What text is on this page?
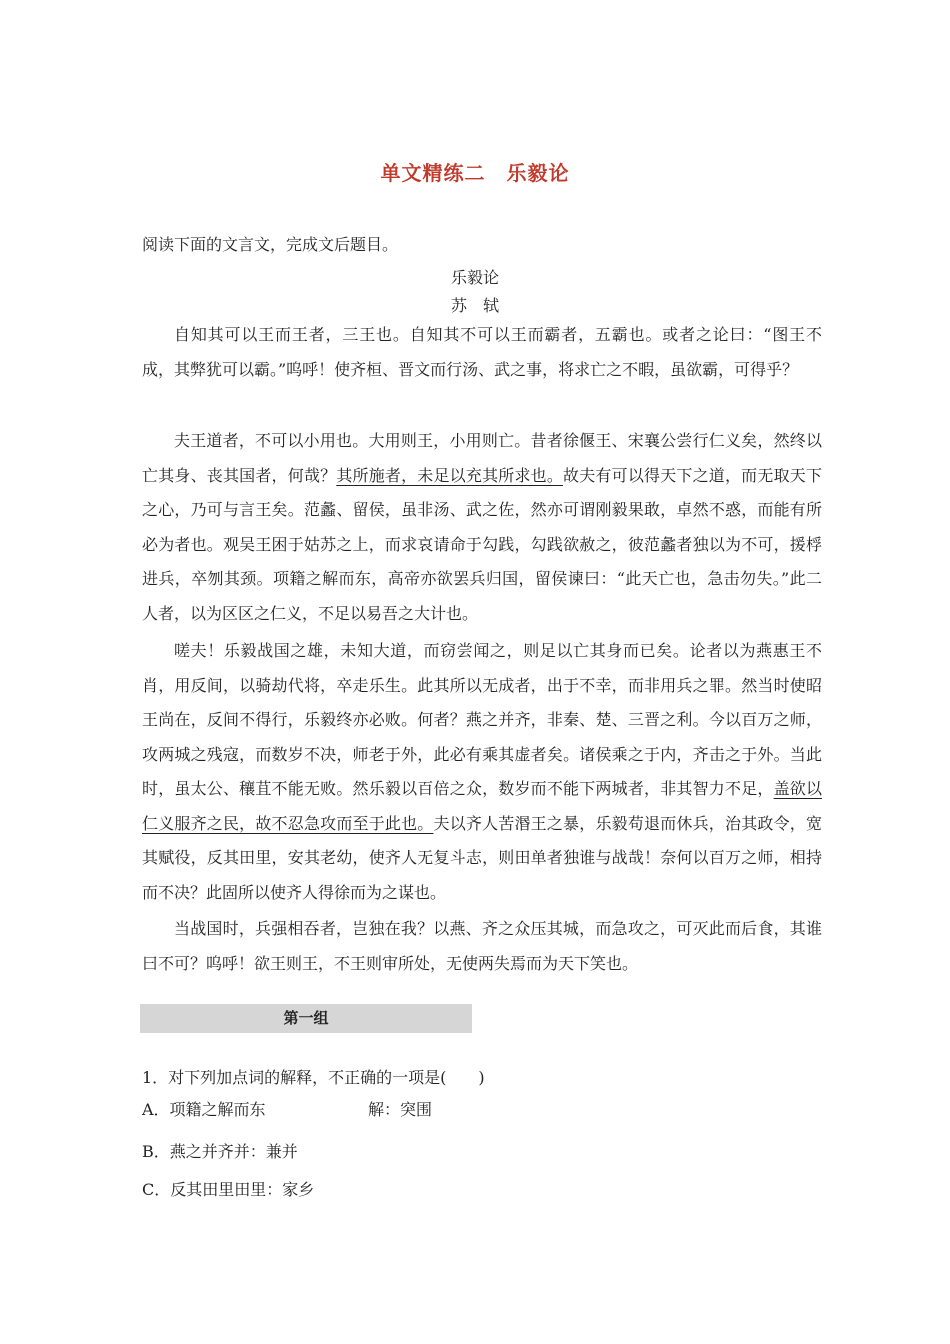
单文精练二　乐毅论
阅读下面的文言文，完成文后题目。
乐毅论
苏　轼
自知其可以王而王者，三王也。自知其不可以王而霸者，五霸也。或者之论曰：“图王不成，其弊犹可以霸。”呜呼！使齐桓、晋文而行汤、武之事，将求亡之不暇，虽欲霸，可得乎？
夫王道者，不可以小用也。大用则王，小用则亡。昔者徐偃王、宋襄公尝行仁义矣，然终以亡其身、丧其国者，何哉？其所施者，未足以充其所求也。故夫有可以得天下之道，而无取天下之心，乃可与言王矣。范蠡、留侯，虽非汤、武之佐，然亦可谓刚毅果敢，卓然不惑，而能有所必为者也。观吴王困于姑苏之上，而求哀请命于勾践，勾践欲赦之，彼范蠡者独以为不可，援桴进兵，卒刎其颈。项籍之解而东，高帝亦欲罢兵归国，留侯谏曰：“此天亡也，急击勿失。”此二人者，以为区区之仁义，不足以易吾之大计也。
嗟夫！乐毅战国之雄，未知大道，而窃尝闻之，则足以亡其身而已矣。论者以为燕惠王不肖，用反间，以骑劫代将，卒走乐生。此其所以无成者，出于不幸，而非用兵之罪。然当时使昭王尚在，反间不得行，乐毅终亦必败。何者？燕之并齐，非秦、楚、三晋之利。今以百万之师，攻两城之残寇，而数岁不决，师老于外，此必有乘其虚者矣。诸侯乘之于内，齐击之于外。当此时，虽太公、穰苴不能无败。然乐毅以百倍之众，数岁而不能下两城者，非其智力不足，盖欲以仁义服齐之民，故不忍急攻而至于此也。夫以齐人苦湣王之暴，乐毅苟退而休兵，治其政令，宽其赋役，反其田里，安其老幼，使齐人无复斗志，则田单者独谁与战哉！奈何以百万之师，相持而不决？此固所以使齐人得徐而为之谋也。
当战国时，兵强相吞者，岂独在我？以燕、齐之众压其城，而急攻之，可灭此而后食，其谁曰不可？呜呼！欲王则王，不王则审所处，无使两失焉而为天下笑也。
第一组
1．对下列加点词的解释，不正确的一项是(　　)
A．项籍之解而东	解：突围
B．燕之并齐并：兼并
C．反其田里田里：家乡
